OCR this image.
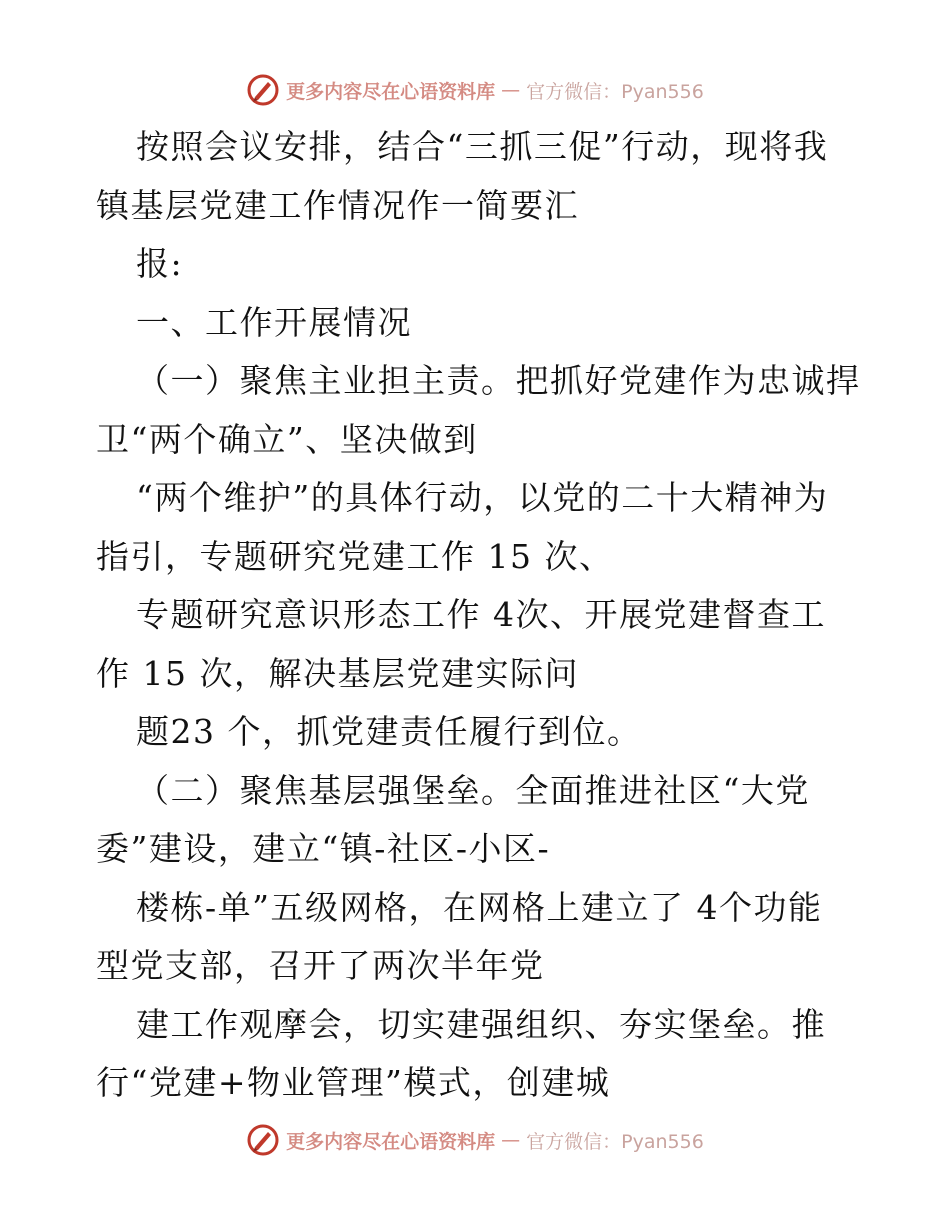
更多内容尽在心语资料库 — 官方微信：Pyan556
按照会议安排，结合“三抓三促”行动，现将我
镇基层党建工作情况作一简要汇
报:
一、工作开展情况
（一）聚焦主业担主责。把抓好党建作为忠诚捍
卫“两个确立”、坚决做到
“两个维护”的具体行动，以党的二十大精神为
指引，专题研究党建工作 15 次、
专题研究意识形态工作 4次、开展党建督查工
作 15 次，解决基层党建实际问
题23 个，抓党建责任履行到位。
（二）聚焦基层强堡垒。全面推进社区“大党
委”建设，建立“镇-社区-小区-
楼栋-单”五级网格，在网格上建立了 4个功能
型党支部，召开了两次半年党
建工作观摩会，切实建强组织、夯实堡垒。推
行“党建+物业管理”模式，创建城
更多内容尽在心语资料库 — 官方微信：Pyan556
